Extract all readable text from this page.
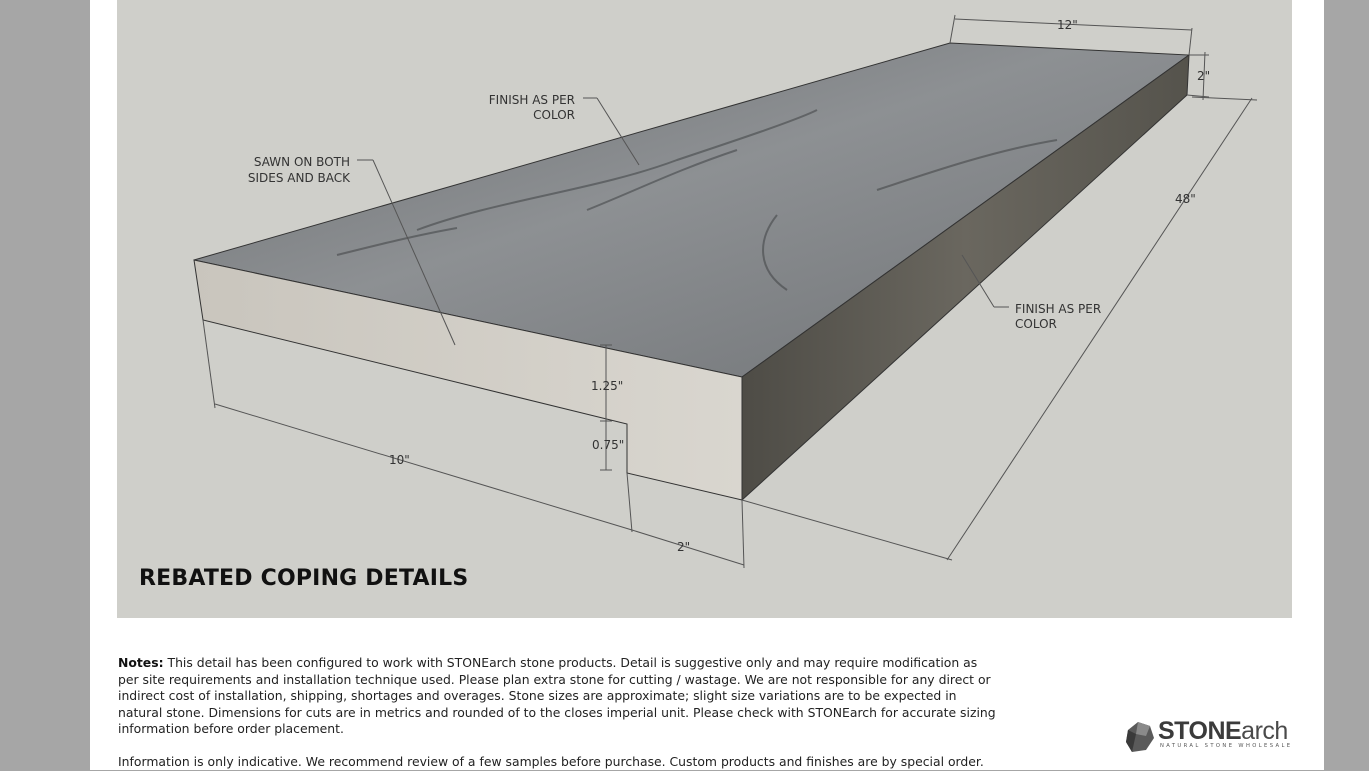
12"
2"
48"
1.25"
0.75"
10"
2"
SAWN ON BOTH
SIDES AND BACK
FINISH AS PER
COLOR
FINISH AS PER
COLOR
REBATED COPING DETAILS

Notes: This detail has been configured to work with STONEarch stone products. Detail is suggestive only and may require modification as per site requirements and installation technique used. Please plan extra stone for cutting / wastage. We are not responsible for any direct or indirect cost of installation, shipping, shortages and overages. Stone sizes are approximate; slight size variations are to be expected in natural stone. Dimensions for cuts are in metrics and rounded of to the closes imperial unit. Please check with STONEarch for accurate sizing information before order placement.

Information is only indicative. We recommend review of a few samples before purchase. Custom products and finishes are by special order.

STONEarch
NATURAL STONE WHOLESALE
